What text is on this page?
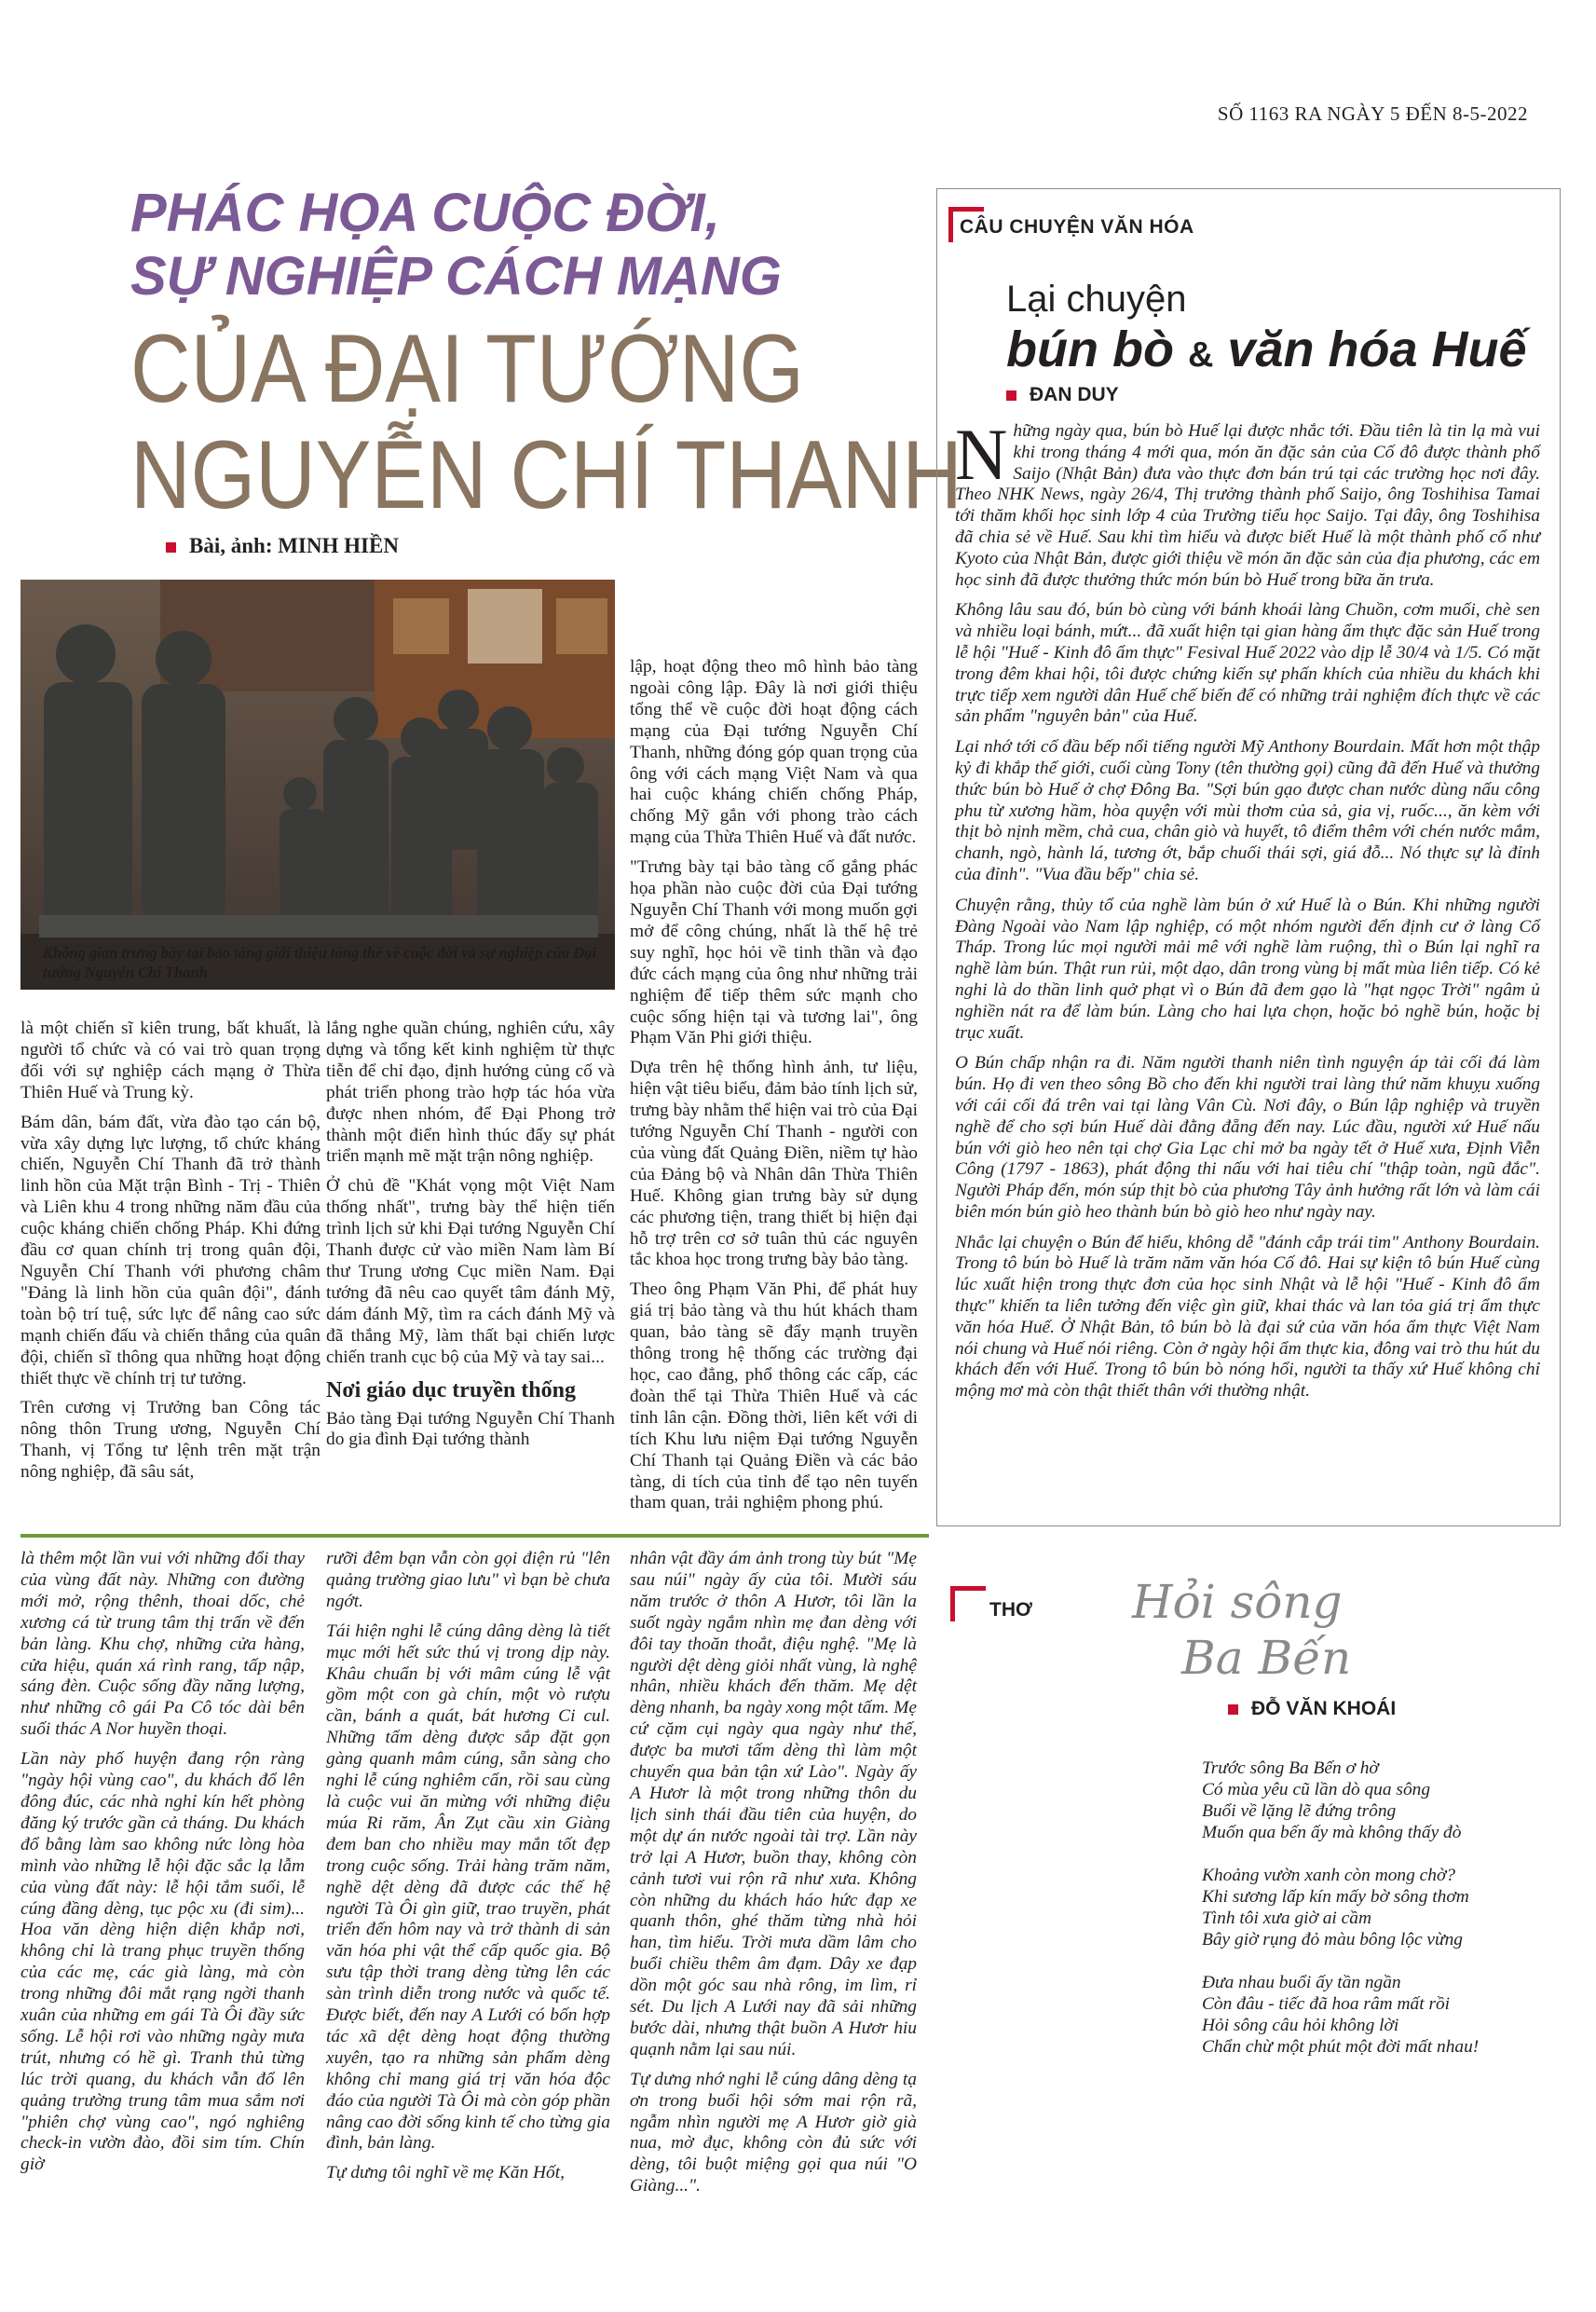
SỐ 1163 RA NGÀY 5 ĐẾN 8-5-2022
PHÁC HỌA CUỘC ĐỜI,
SỰ NGHIỆP CÁCH MẠNG
CỦA ĐẠI TƯỚNG
NGUYỄN CHÍ THANH
Bài, ảnh: MINH HIỀN
Không gian trưng bày tại bảo tàng giới thiệu tổng thể về cuộc đời và sự nghiệp của Đại tướng Nguyễn Chí Thanh

là một chiến sĩ kiên trung, bất khuất, là người tổ chức và có vai trò quan trọng đối với sự nghiệp cách mạng ở Thừa Thiên Huế và Trung kỳ.

Bám dân, bám đất, vừa đào tạo cán bộ, vừa xây dựng lực lượng, tổ chức kháng chiến, Nguyễn Chí Thanh đã trở thành linh hồn của Mặt trận Bình - Trị - Thiên và Liên khu 4 trong những năm đầu của cuộc kháng chiến chống Pháp. Khi đứng đầu cơ quan chính trị trong quân đội, Nguyễn Chí Thanh với phương châm "Đảng là linh hồn của quân đội", đánh toàn bộ trí tuệ, sức lực để nâng cao sức mạnh chiến đấu và chiến thắng của quân đội, chiến sĩ thông qua những hoạt động thiết thực về chính trị tư tưởng.

Trên cương vị Trưởng ban Công tác nông thôn Trung ương, Nguyễn Chí Thanh, vị Tổng tư lệnh trên mặt trận nông nghiệp, đã sâu sát,

lắng nghe quần chúng, nghiên cứu, xây dựng và tổng kết kinh nghiệm từ thực tiễn để chỉ đạo, định hướng củng cố và phát triển phong trào hợp tác hóa vừa được nhen nhóm, để Đại Phong trở thành một điển hình thúc đẩy sự phát triển mạnh mẽ mặt trận nông nghiệp.

Ở chủ đề "Khát vọng một Việt Nam thống nhất", trưng bày thể hiện tiến trình lịch sử khi Đại tướng Nguyễn Chí Thanh được cử vào miền Nam làm Bí thư Trung ương Cục miền Nam. Đại tướng đã nêu cao quyết tâm đánh Mỹ, dám đánh Mỹ, tìm ra cách đánh Mỹ và đã thắng Mỹ, làm thất bại chiến lược chiến tranh cục bộ của Mỹ và tay sai...

Nơi giáo dục truyền thống

Bảo tàng Đại tướng Nguyễn Chí Thanh do gia đình Đại tướng thành

lập, hoạt động theo mô hình bảo tàng ngoài công lập. Đây là nơi giới thiệu tổng thể về cuộc đời hoạt động cách mạng của Đại tướng Nguyễn Chí Thanh, những đóng góp quan trọng của ông với cách mạng Việt Nam và qua hai cuộc kháng chiến chống Pháp, chống Mỹ gắn với phong trào cách mạng của Thừa Thiên Huế và đất nước.

"Trưng bày tại bảo tàng cố gắng phác họa phần nào cuộc đời của Đại tướng Nguyễn Chí Thanh với mong muốn gợi mở để công chúng, nhất là thế hệ trẻ suy nghĩ, học hỏi về tinh thần và đạo đức cách mạng của ông như những trải nghiệm để tiếp thêm sức mạnh cho cuộc sống hiện tại và tương lai", ông Phạm Văn Phi giới thiệu.

Dựa trên hệ thống hình ảnh, tư liệu, hiện vật tiêu biểu, đảm bảo tính lịch sử, trưng bày nhằm thể hiện vai trò của Đại tướng Nguyễn Chí Thanh - người con của vùng đất Quảng Điền, niềm tự hào của Đảng bộ và Nhân dân Thừa Thiên Huế. Không gian trưng bày sử dụng các phương tiện, trang thiết bị hiện đại hỗ trợ trên cơ sở tuân thủ các nguyên tắc khoa học trong trưng bày bảo tàng.

Theo ông Phạm Văn Phi, để phát huy giá trị bảo tàng và thu hút khách tham quan, bảo tàng sẽ đẩy mạnh truyền thông trong hệ thống các trường đại học, cao đẳng, phổ thông các cấp, các đoàn thể tại Thừa Thiên Huế và các tỉnh lân cận. Đồng thời, liên kết với di tích Khu lưu niệm Đại tướng Nguyễn Chí Thanh tại Quảng Điền và các bảo tàng, di tích của tỉnh để tạo nên tuyến tham quan, trải nghiệm phong phú.

CÂU CHUYỆN VĂN HÓA
Lại chuyện
bún bò & văn hóa Huế
ĐAN DUY

Những ngày qua, bún bò Huế lại được nhắc tới. Đầu tiên là tin lạ mà vui khi trong tháng 4 mới qua, món ăn đặc sản của Cố đô được thành phố Saijo (Nhật Bản) đưa vào thực đơn bán trú tại các trường học nơi đây. Theo NHK News, ngày 26/4, Thị trưởng thành phố Saijo, ông Toshihisa Tamai tới thăm khối học sinh lớp 4 của Trường tiểu học Saijo. Tại đây, ông Toshihisa đã chia sẻ về Huế. Sau khi tìm hiểu và được biết Huế là một thành phố cổ như Kyoto của Nhật Bản, được giới thiệu về món ăn đặc sản của địa phương, các em học sinh đã được thưởng thức món bún bò Huế trong bữa ăn trưa.

Không lâu sau đó, bún bò cùng với bánh khoái làng Chuồn, cơm muối, chè sen và nhiều loại bánh, mứt... đã xuất hiện tại gian hàng ẩm thực đặc sản Huế trong lễ hội "Huế - Kinh đô ẩm thực" Fesival Huế 2022 vào dịp lễ 30/4 và 1/5. Có mặt trong đêm khai hội, tôi được chứng kiến sự phấn khích của nhiều du khách khi trực tiếp xem người dân Huế chế biến để có những trải nghiệm đích thực về các sản phẩm "nguyên bản" của Huế.

Lại nhớ tới cố đầu bếp nổi tiếng người Mỹ Anthony Bourdain. Mất hơn một thập kỷ đi khắp thế giới, cuối cùng Tony (tên thường gọi) cũng đã đến Huế và thưởng thức bún bò Huế ở chợ Đông Ba. "Sợi bún gạo được chan nước dùng nấu công phu từ xương hầm, hòa quyện với mùi thơm của sả, gia vị, ruốc..., ăn kèm với thịt bò nịnh mềm, chả cua, chân giò và huyết, tô điểm thêm với chén nước mắm, chanh, ngò, hành lá, tương ớt, bắp chuối thái sợi, giá đỗ... Nó thực sự là đỉnh của đỉnh". "Vua đầu bếp" chia sẻ.

Chuyện rằng, thủy tổ của nghề làm bún ở xứ Huế là o Bún. Khi những người Đàng Ngoài vào Nam lập nghiệp, có một nhóm người đến định cư ở làng Cổ Tháp. Trong lúc mọi người mải mê với nghề làm ruộng, thì o Bún lại nghĩ ra nghề làm bún. Thật run rủi, một dạo, dân trong vùng bị mất mùa liên tiếp. Có kẻ nghi là do thần linh quở phạt vì o Bún đã đem gạo là "hạt ngọc Trời" ngâm ủ nghiền nát ra để làm bún. Làng cho hai lựa chọn, hoặc bỏ nghề bún, hoặc bị trục xuất.

O Bún chấp nhận ra đi. Năm người thanh niên tình nguyện áp tải cối đá làm bún. Họ đi ven theo sông Bồ cho đến khi người trai làng thứ năm khuỵu xuống với cái cối đá trên vai tại làng Vân Cù. Nơi đây, o Bún lập nghiệp và truyền nghề để cho sợi bún Huế dài đằng đẵng đến nay. Lúc đầu, người xứ Huế nấu bún với giò heo nên tại chợ Gia Lạc chỉ mở ba ngày tết ở Huế xưa, Định Viễn Công (1797 - 1863), phát động thi nấu với hai tiêu chí "thập toàn, ngũ đắc". Người Pháp đến, món súp thịt bò của phương Tây ảnh hưởng rất lớn và làm cái biên món bún giò heo thành bún bò giò heo như ngày nay.

Nhắc lại chuyện o Bún để hiểu, không dễ "đánh cắp trái tim" Anthony Bourdain. Trong tô bún bò Huế là trăm năm văn hóa Cố đô. Hai sự kiện tô bún Huế cùng lúc xuất hiện trong thực đơn của học sinh Nhật và lễ hội "Huế - Kinh đô ẩm thực" khiến ta liên tưởng đến việc gìn giữ, khai thác và lan tỏa giá trị ẩm thực văn hóa Huế. Ở Nhật Bản, tô bún bò là đại sứ của văn hóa ẩm thực Việt Nam nói chung và Huế nói riêng. Còn ở ngày hội ẩm thực kia, đông vai trò thu hút du khách đến với Huế. Trong tô bún bò nóng hổi, người ta thấy xứ Huế không chỉ mộng mơ mà còn thật thiết thân với thường nhật.

là thêm một lần vui với những đổi thay của vùng đất này. Những con đường mới mở, rộng thênh, thoai dốc, chẻ xương cá từ trung tâm thị trấn về đến bản làng. Khu chợ, những cửa hàng, cửa hiệu, quán xá rình rang, tấp nập, sáng đèn. Cuộc sống đầy năng lượng, như những cô gái Pa Cô tóc dài bên suối thác A Nor huyền thoại.

Lần này phố huyện đang rộn ràng "ngày hội vùng cao", du khách đổ lên đông đúc, các nhà nghỉ kín hết phòng đăng ký trước gần cả tháng. Du khách đổ bằng làm sao không nức lòng hòa mình vào những lễ hội đặc sắc lạ lẫm của vùng đất này: lễ hội tắm suối, lễ cúng đầng dèng, tục pộc xu (đi sim)... Hoa văn dèng hiện diện khắp nơi, không chỉ là trang phục truyền thống của các mẹ, các già làng, mà còn trong những đôi mắt rạng ngời thanh xuân của những em gái Tà Ôi đầy sức sống. Lễ hội rơi vào những ngày mưa trút, nhưng có hề gì. Tranh thủ từng lúc trời quang, du khách vẫn đổ lên quảng trường trung tâm mua sắm nơi "phiên chợ vùng cao", ngó nghiêng check-in vườn đào, đồi sim tím. Chín giờ

rưỡi đêm bạn vẫn còn gọi điện rủ "lên quảng trường giao lưu" vì bạn bè chưa ngớt.

Tái hiện nghi lễ cúng dâng dèng là tiết mục mới hết sức thú vị trong dịp này. Khâu chuẩn bị với mâm cúng lễ vật gồm một con gà chín, một vò rượu cần, bánh a quát, bát hương Ci cul. Những tấm dèng được sắp đặt gọn gàng quanh mâm cúng, sẵn sàng cho nghi lễ cúng nghiêm cẩn, rồi sau cùng là cuộc vui ăn mừng với những điệu múa Ri răm, Ân Zụt cầu xin Giàng đem ban cho nhiều may mắn tốt đẹp trong cuộc sống. Trải hàng trăm năm, nghề dệt dèng đã được các thế hệ người Tà Ôi gìn giữ, trao truyền, phát triển đến hôm nay và trở thành di sản văn hóa phi vật thể cấp quốc gia. Bộ sưu tập thời trang dèng từng lên các sàn trình diễn trong nước và quốc tế. Được biết, đến nay A Lưới có bốn hợp tác xã dệt dèng hoạt động thường xuyên, tạo ra những sản phẩm dèng không chỉ mang giá trị văn hóa độc đáo của người Tà Ôi mà còn góp phần nâng cao đời sống kinh tế cho từng gia đình, bản làng.

Tự dưng tôi nghĩ về mẹ Kăn Hốt,

nhân vật đầy ám ảnh trong tùy bút "Mẹ sau núi" ngày ấy của tôi. Mười sáu năm trước ở thôn A Hươr, tôi lần la suốt ngày ngắm nhìn mẹ đan dèng với đôi tay thoăn thoắt, điệu nghệ. "Mẹ là người dệt dèng giỏi nhất vùng, là nghệ nhân, nhiều khách đến thăm. Mẹ dệt dèng nhanh, ba ngày xong một tấm. Mẹ cứ cặm cụi ngày qua ngày như thế, được ba mươi tấm dèng thì làm một chuyến qua bản tận xứ Lào". Ngày ấy A Hươr là một trong những thôn du lịch sinh thái đầu tiên của huyện, do một dự án nước ngoài tài trợ. Lần này trở lại A Hươr, buồn thay, không còn cảnh tươi vui rộn rã như xưa. Không còn những du khách háo hức đạp xe quanh thôn, ghé thăm từng nhà hỏi han, tìm hiểu. Trời mưa dầm lâm cho buổi chiều thêm âm đạm. Dây xe đạp dồn một góc sau nhà rông, im lìm, rỉ sét. Du lịch A Lưới nay đã sải những bước dài, nhưng thật buồn A Hươr hiu quạnh nằm lại sau núi.

Tự dưng nhớ nghi lễ cúng dâng dèng tạ ơn trong buổi hội sớm mai rộn rã, ngẫm nhìn người mẹ A Hươr giờ già nua, mờ đục, không còn đủ sức với dèng, tôi buột miệng gọi qua núi "O Giàng...".

THƠ Hỏi sông
Ba Bến
ĐỖ VĂN KHOÁI
Trước sông Ba Bến ơ hờ
Có mùa yêu cũ lần dò qua sông
Buổi về lặng lẽ đứng trông
Muốn qua bến ấy mà không thấy đò
Khoảng vườn xanh còn mong chờ?
Khi sương lấp kín mấy bờ sông thơm
Tình tôi xưa giờ ai cầm
Bây giờ rụng đỏ màu bông lộc vừng
Đưa nhau buổi ấy tần ngần
Còn đâu - tiếc đã hoa râm mất rồi
Hỏi sông câu hỏi không lời
Chẩn chừ một phút một đời mất nhau!
